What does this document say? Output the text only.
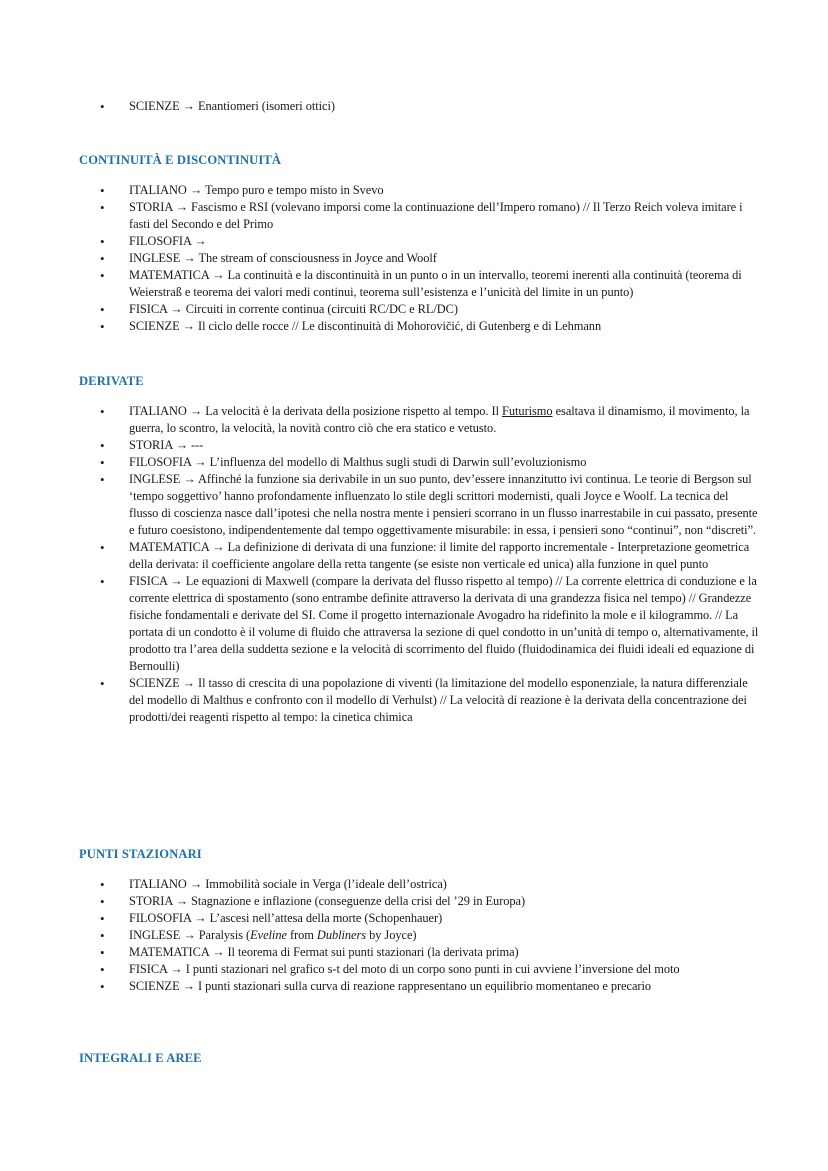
• SCIENZE → Enantiomeri (isomeri ottici)
CONTINUITÀ E DISCONTINUITÀ
• ITALIANO → Tempo puro e tempo misto in Svevo
• STORIA → Fascismo e RSI (volevano imporsi come la continuazione dell’Impero romano) // Il Terzo Reich voleva imitare i fasti del Secondo e del Primo
• FILOSOFIA →
• INGLESE → The stream of consciousness in Joyce and Woolf
• MATEMATICA → La continuità e la discontinuità in un punto o in un intervallo, teoremi inerenti alla continuità (teorema di Weierstraß e teorema dei valori medi continui, teorema sull’esistenza e l’unicità del limite in un punto)
• FISICA → Circuiti in corrente continua (circuiti RC/DC e RL/DC)
• SCIENZE → Il ciclo delle rocce // Le discontinuità di Mohorovičić, di Gutenberg e di Lehmann
DERIVATE
• ITALIANO → La velocità è la derivata della posizione rispetto al tempo. Il Futurismo esaltava il dinamismo, il movimento, la guerra, lo scontro, la velocità, la novità contro ciò che era statico e vetusto.
• STORIA → ---
• FILOSOFIA → L’influenza del modello di Malthus sugli studi di Darwin sull’evoluzionismo
• INGLESE → Affinché la funzione sia derivabile in un suo punto, dev’essere innanzitutto ivi continua. Le teorie di Bergson sul ‘tempo soggettivo’ hanno profondamente influenzato lo stile degli scrittori modernisti, quali Joyce e Woolf. La tecnica del flusso di coscienza nasce dall’ipotesi che nella nostra mente i pensieri scorrano in un flusso inarrestabile in cui passato, presente e futuro coesistono, indipendentemente dal tempo oggettivamente misurabile: in essa, i pensieri sono “continui”, non “discreti”.
• MATEMATICA → La definizione di derivata di una funzione: il limite del rapporto incrementale - Interpretazione geometrica della derivata: il coefficiente angolare della retta tangente (se esiste non verticale ed unica) alla funzione in quel punto
• FISICA → Le equazioni di Maxwell (compare la derivata del flusso rispetto al tempo) // La corrente elettrica di conduzione e la corrente elettrica di spostamento (sono entrambe definite attraverso la derivata di una grandezza fisica nel tempo) // Grandezze fisiche fondamentali e derivate del SI. Come il progetto internazionale Avogadro ha ridefinito la mole e il kilogrammo. // La portata di un condotto è il volume di fluido che attraversa la sezione di quel condotto in un’unità di tempo o, alternativamente, il prodotto tra l’area della suddetta sezione e la velocità di scorrimento del fluido (fluidodinamica dei fluidi ideali ed equazione di Bernoulli)
• SCIENZE → Il tasso di crescita di una popolazione di viventi (la limitazione del modello esponenziale, la natura differenziale del modello di Malthus e confronto con il modello di Verhulst) // La velocità di reazione è la derivata della concentrazione dei prodotti/dei reagenti rispetto al tempo: la cinetica chimica
PUNTI STAZIONARI
• ITALIANO → Immobilità sociale in Verga (l’ideale dell’ostrica)
• STORIA → Stagnazione e inflazione (conseguenze della crisi del ’29 in Europa)
• FILOSOFIA → L’ascesi nell’attesa della morte (Schopenhauer)
• INGLESE → Paralysis (Eveline from Dubliners by Joyce)
• MATEMATICA → Il teorema di Fermat sui punti stazionari (la derivata prima)
• FISICA → I punti stazionari nel grafico s-t del moto di un corpo sono punti in cui avviene l’inversione del moto
• SCIENZE → I punti stazionari sulla curva di reazione rappresentano un equilibrio momentaneo e precario
INTEGRALI E AREE
